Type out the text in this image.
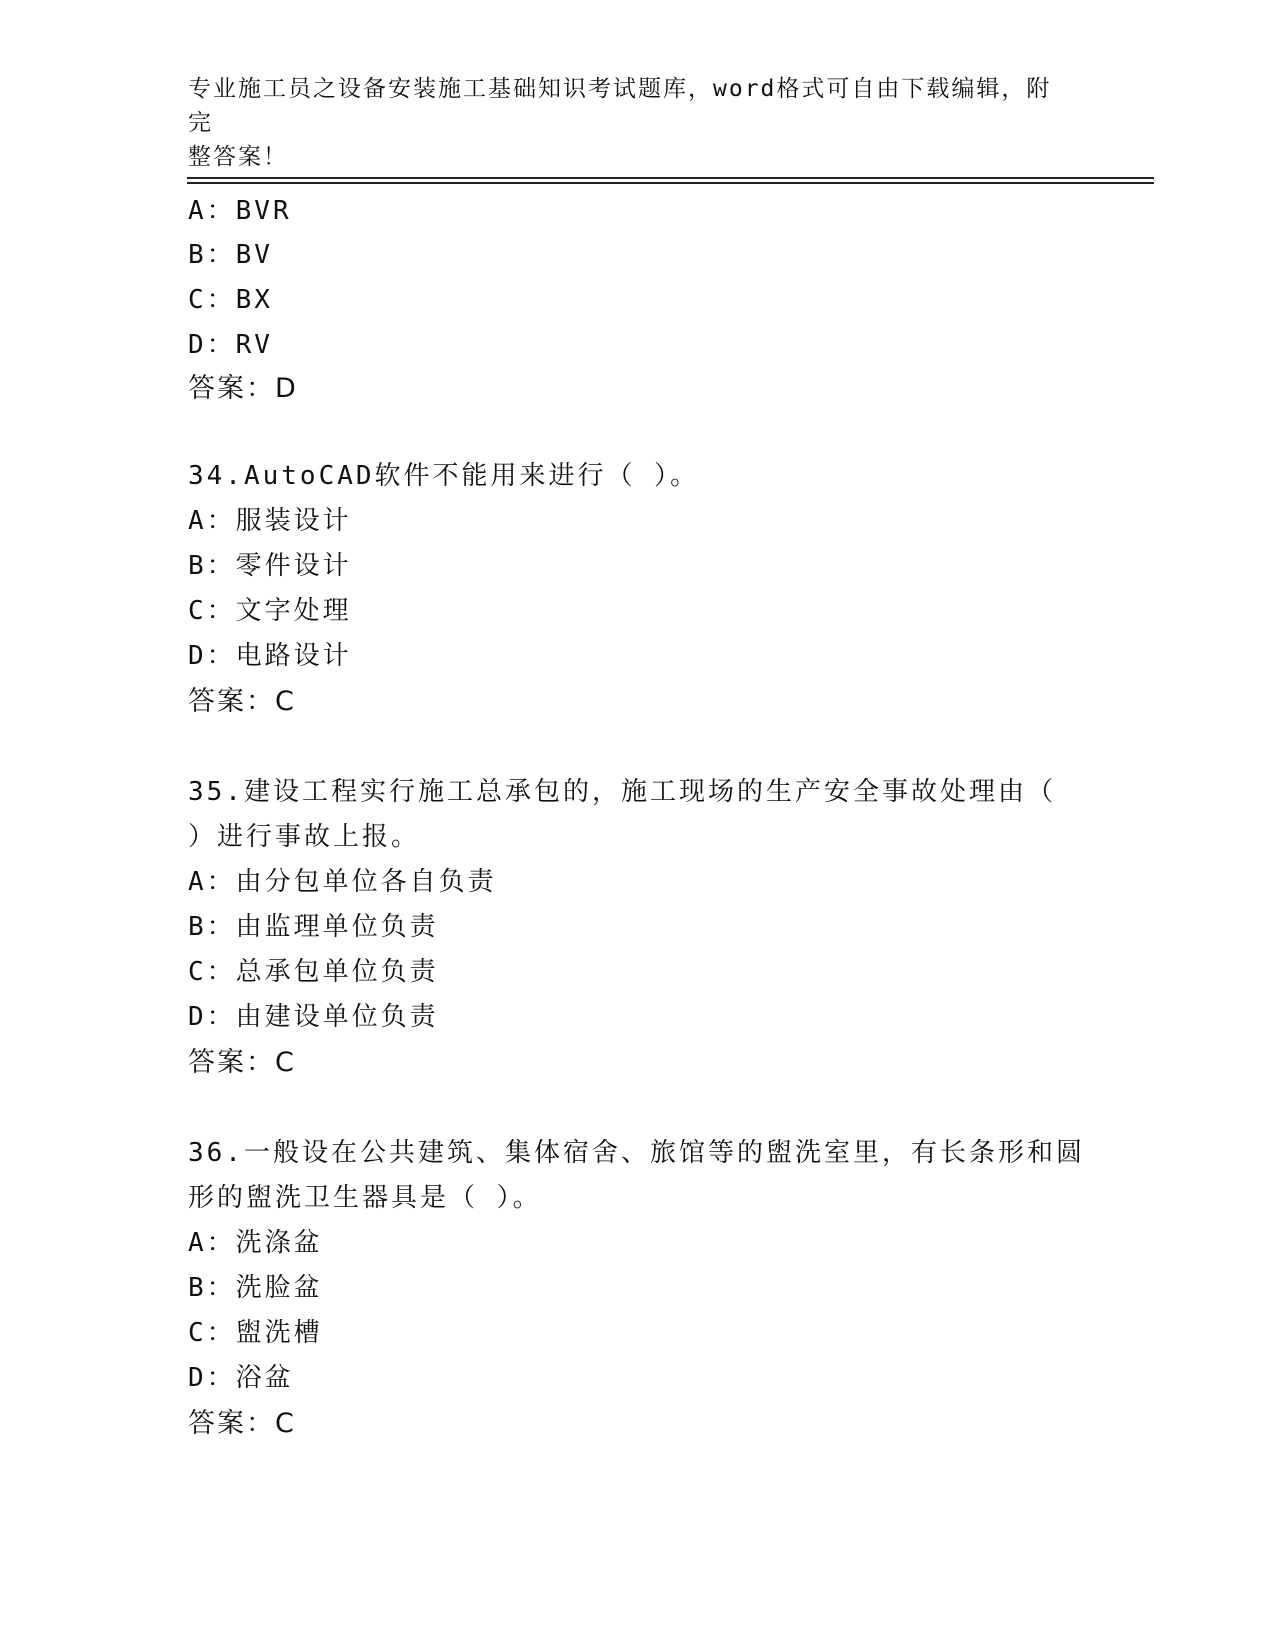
专业施工员之设备安装施工基础知识考试题库，word格式可自由下载编辑，附完
整答案！
A：BVR
B：BV
C：BX
D：RV
答案：D
34.AutoCAD软件不能用来进行（ ）。
A：服装设计
B：零件设计
C：文字处理
D：电路设计
答案：C
35.建设工程实行施工总承包的，施工现场的生产安全事故处理由（
）进行事故上报。
A：由分包单位各自负责
B：由监理单位负责
C：总承包单位负责
D：由建设单位负责
答案：C
36.一般设在公共建筑、集体宿舍、旅馆等的盥洗室里，有长条形和圆
形的盥洗卫生器具是（ ）。
A：洗涤盆
B：洗脸盆
C：盥洗槽
D：浴盆
答案：C
